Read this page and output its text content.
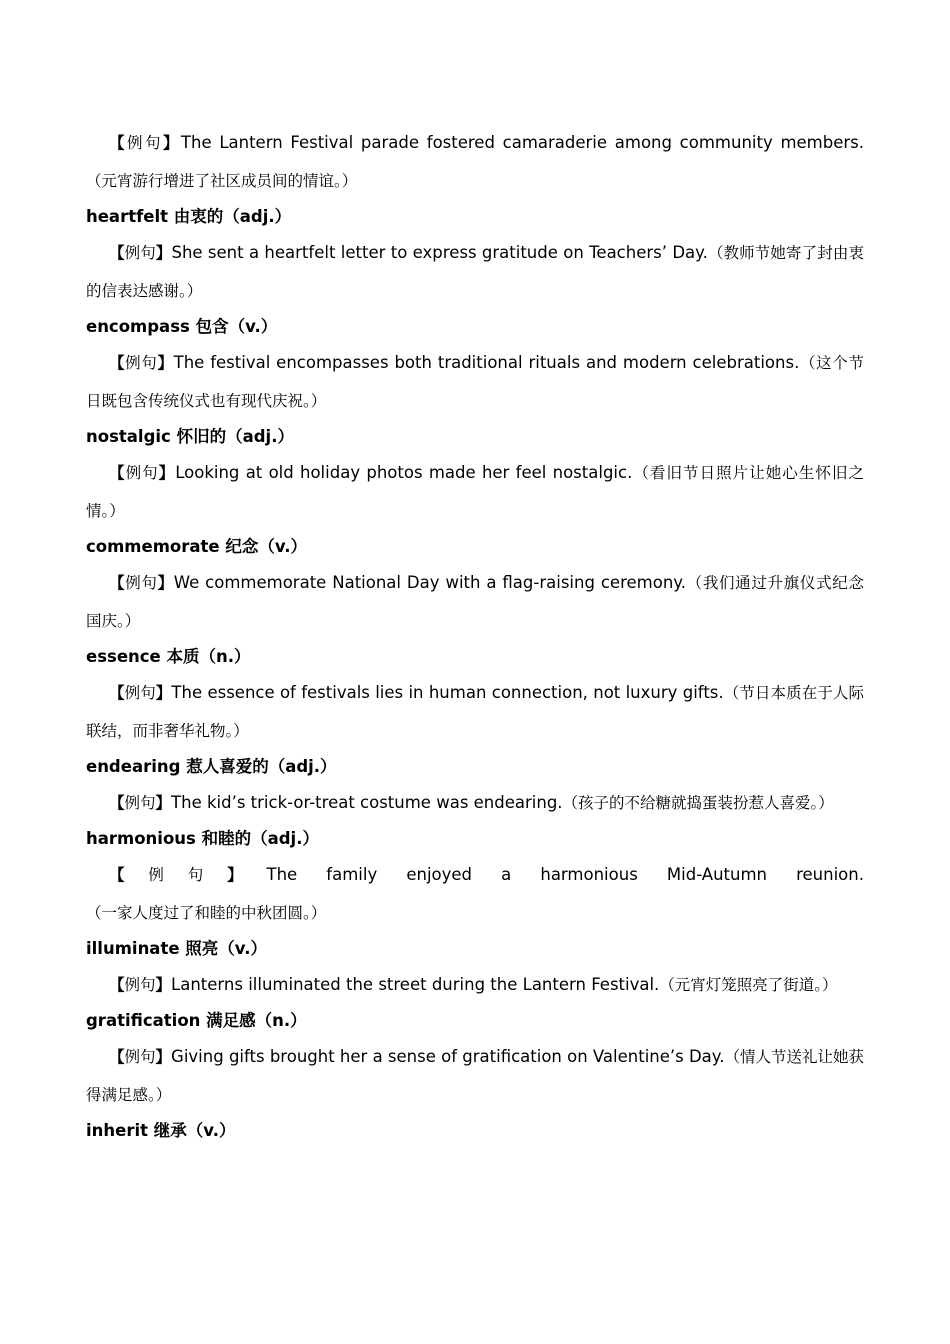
【例句】The Lantern Festival parade fostered camaraderie among community members.（元宵游行增进了社区成员间的情谊。）

heartfelt 由衷的（adj.）

【例句】She sent a heartfelt letter to express gratitude on Teachers’ Day.（教师节她寄了封由衷的信表达感谢。）

encompass 包含（v.）

【例句】The festival encompasses both traditional rituals and modern celebrations.（这个节日既包含传统仪式也有现代庆祝。）

nostalgic 怀旧的（adj.）

【例句】Looking at old holiday photos made her feel nostalgic.（看旧节日照片让她心生怀旧之情。）

commemorate 纪念（v.）

【例句】We commemorate National Day with a flag-raising ceremony.（我们通过升旗仪式纪念国庆。）

essence 本质（n.）

【例句】The essence of festivals lies in human connection, not luxury gifts.（节日本质在于人际联结，而非奢华礼物。）

endearing 惹人喜爱的（adj.）

【例句】The kid’s trick-or-treat costume was endearing.（孩子的不给糖就捣蛋装扮惹人喜爱。）

harmonious 和睦的（adj.）

【例句】The family enjoyed a harmonious Mid-Autumn reunion.（一家人度过了和睦的中秋团圆。）

illuminate 照亮（v.）

【例句】Lanterns illuminated the street during the Lantern Festival.（元宵灯笼照亮了街道。）

gratification 满足感（n.）

【例句】Giving gifts brought her a sense of gratification on Valentine’s Day.（情人节送礼让她获得满足感。）

inherit 继承（v.）
